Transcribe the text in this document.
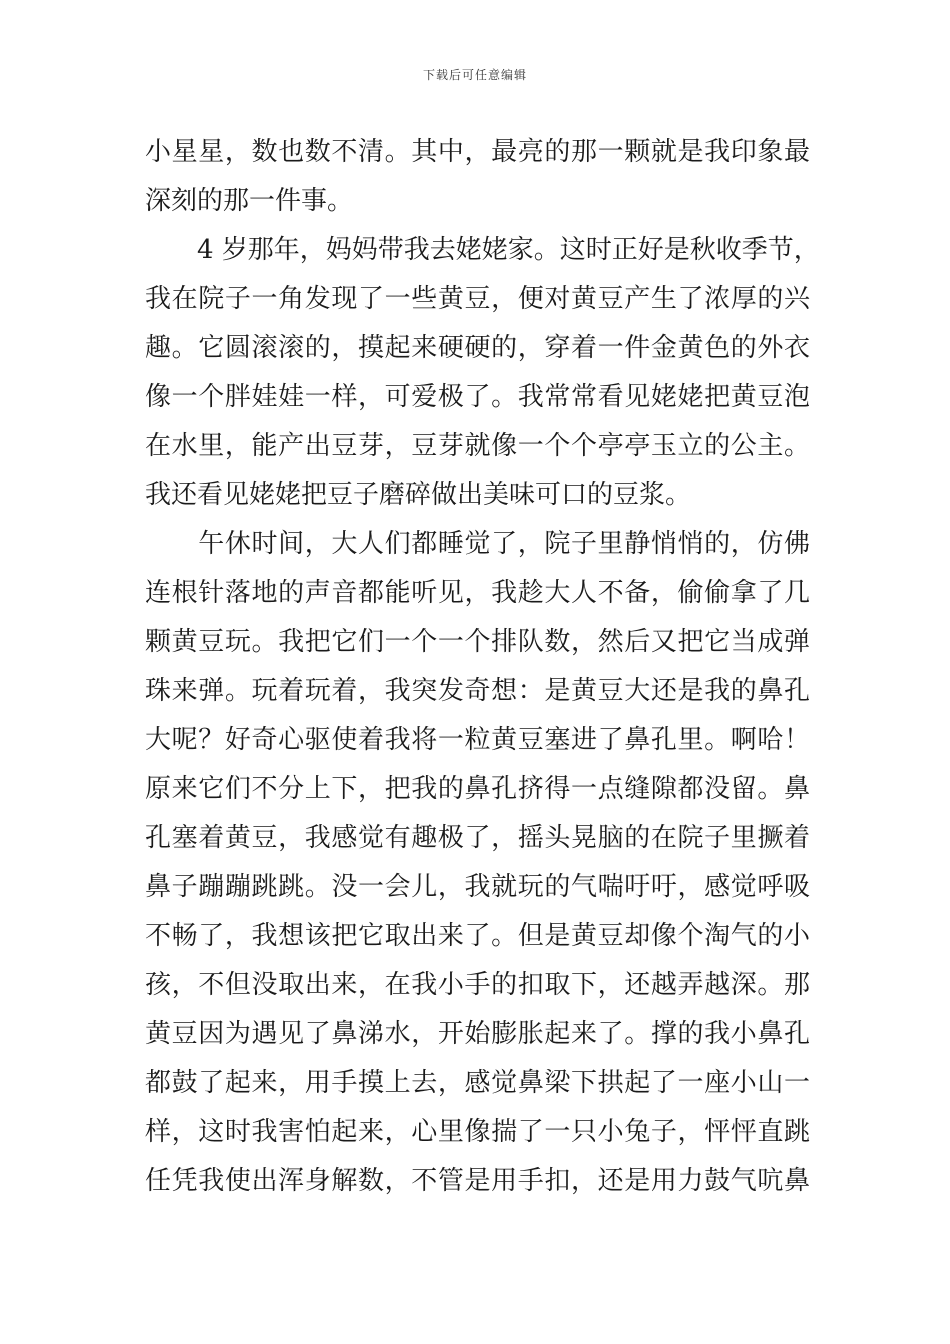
下载后可任意编辑
小星星，数也数不清。其中，最亮的那一颗就是我印象最
深刻的那一件事。
　　4 岁那年，妈妈带我去姥姥家。这时正好是秋收季节，
我在院子一角发现了一些黄豆，便对黄豆产生了浓厚的兴
趣。它圆滚滚的，摸起来硬硬的，穿着一件金黄色的外衣
像一个胖娃娃一样，可爱极了。我常常看见姥姥把黄豆泡
在水里，能产出豆芽，豆芽就像一个个亭亭玉立的公主。
我还看见姥姥把豆子磨碎做出美味可口的豆浆。
　　午休时间，大人们都睡觉了，院子里静悄悄的，仿佛
连根针落地的声音都能听见，我趁大人不备，偷偷拿了几
颗黄豆玩。我把它们一个一个排队数，然后又把它当成弹
珠来弹。玩着玩着，我突发奇想：是黄豆大还是我的鼻孔
大呢？好奇心驱使着我将一粒黄豆塞进了鼻孔里。啊哈！
原来它们不分上下，把我的鼻孔挤得一点缝隙都没留。鼻
孔塞着黄豆，我感觉有趣极了，摇头晃脑的在院子里撅着
鼻子蹦蹦跳跳。没一会儿，我就玩的气喘吁吁，感觉呼吸
不畅了，我想该把它取出来了。但是黄豆却像个淘气的小
孩，不但没取出来，在我小手的扣取下，还越弄越深。那
黄豆因为遇见了鼻涕水，开始膨胀起来了。撑的我小鼻孔
都鼓了起来，用手摸上去，感觉鼻梁下拱起了一座小山一
样，这时我害怕起来，心里像揣了一只小兔子，怦怦直跳
任凭我使出浑身解数，不管是用手扣，还是用力鼓气吭鼻
